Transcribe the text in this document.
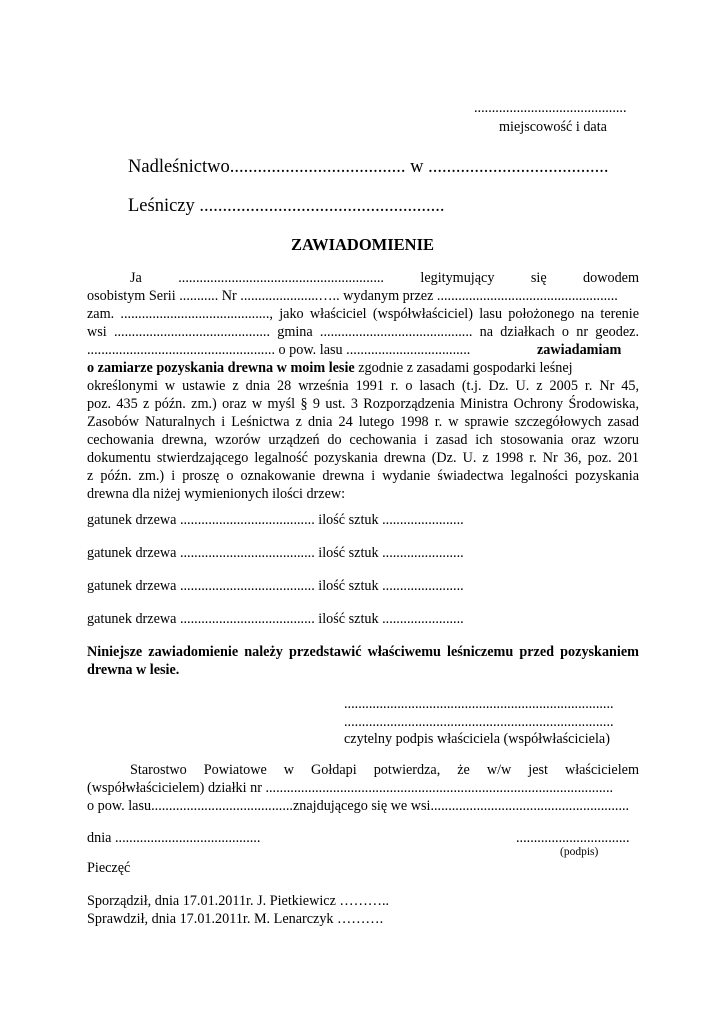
...........................................
miejscowość i data
Nadleśnictwo...................................... w .......................................
Leśniczy .....................................................
ZAWIADOMIENIE
Ja .......................................................... legitymujący się dowodem
osobistym Serii ........... Nr ......................….. wydanym przez ...................................................
zam. .........................................., jako właściciel (współwłaściciel) lasu położonego na terenie
wsi ............................................ gmina ........................................... na działkach o nr geodez.
..................................................... o pow. lasu ...................................	zawiadamiam
o zamiarze pozyskania drewna w moim lesie zgodnie z zasadami gospodarki leśnej
określonymi w ustawie z dnia 28 września 1991 r. o lasach (t.j. Dz. U. z 2005 r. Nr 45,
poz. 435 z późn. zm.) oraz w myśl § 9 ust. 3 Rozporządzenia Ministra Ochrony Środowiska,
Zasobów Naturalnych i Leśnictwa z dnia 24 lutego 1998 r. w sprawie szczegółowych zasad
cechowania drewna, wzorów urządzeń do cechowania i zasad ich stosowania oraz wzoru
dokumentu stwierdzającego legalność pozyskania drewna (Dz. U. z 1998 r. Nr 36, poz. 201
z późn. zm.) i proszę o oznakowanie drewna i wydanie świadectwa legalności pozyskania
drewna dla niżej wymienionych ilości drzew:
gatunek drzewa ...................................... ilość sztuk .......................
gatunek drzewa ...................................... ilość sztuk .......................
gatunek drzewa ...................................... ilość sztuk .......................
gatunek drzewa ...................................... ilość sztuk .......................
Niniejsze zawiadomienie należy przedstawić właściwemu leśniczemu przed pozyskaniem
drewna w lesie.
............................................................................
............................................................................
czytelny podpis właściciela (współwłaściciela)
Starostwo Powiatowe w Gołdapi potwierdza, że w/w jest właścicielem
(współwłaścicielem) działki nr ..................................................................................................
o pow. lasu........................................znajdującego się we wsi........................................................
dnia .........................................	................................
(podpis)
Pieczęć
Sporządził, dnia 17.01.2011r. J. Pietkiewicz ………..
Sprawdził, dnia 17.01.2011r. M. Lenarczyk ……….
